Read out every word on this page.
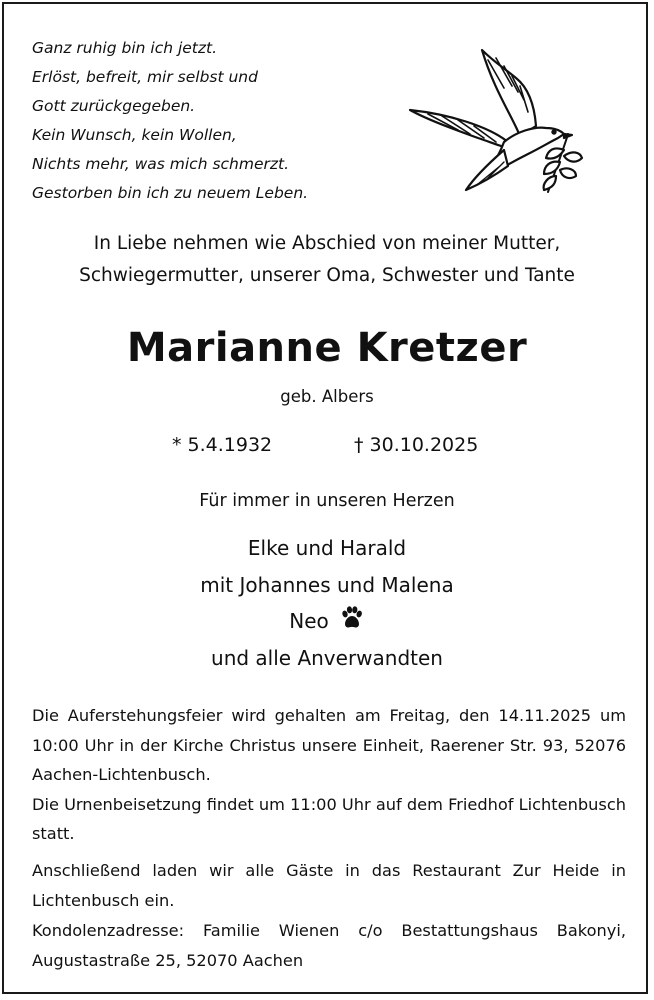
Ganz ruhig bin ich jetzt.
Erlöst, befreit, mir selbst und
Gott zurückgegeben.
Kein Wunsch, kein Wollen,
Nichts mehr, was mich schmerzt.
Gestorben bin ich zu neuem Leben.
In Liebe nehmen wie Abschied von meiner Mutter,
Schwiegermutter, unserer Oma, Schwester und Tante
Marianne Kretzer
geb. Albers
* 5.4.1932	† 30.10.2025
Für immer in unseren Herzen
Elke und Harald
mit Johannes und Malena
Neo
und alle Anverwandten

Die Auferstehungsfeier wird gehalten am Freitag, den 14.11.2025 um 10:00 Uhr in der Kirche Christus unsere Einheit, Raerener Str. 93, 52076 Aachen-Lichtenbusch.

Die Urnenbeisetzung findet um 11:00 Uhr auf dem Friedhof Lichtenbusch statt.

Anschließend laden wir alle Gäste in das Restaurant Zur Heide in Lichtenbusch ein.

Kondolenzadresse: Familie Wienen c/o Bestattungshaus Bakonyi, Augustastraße 25, 52070 Aachen
